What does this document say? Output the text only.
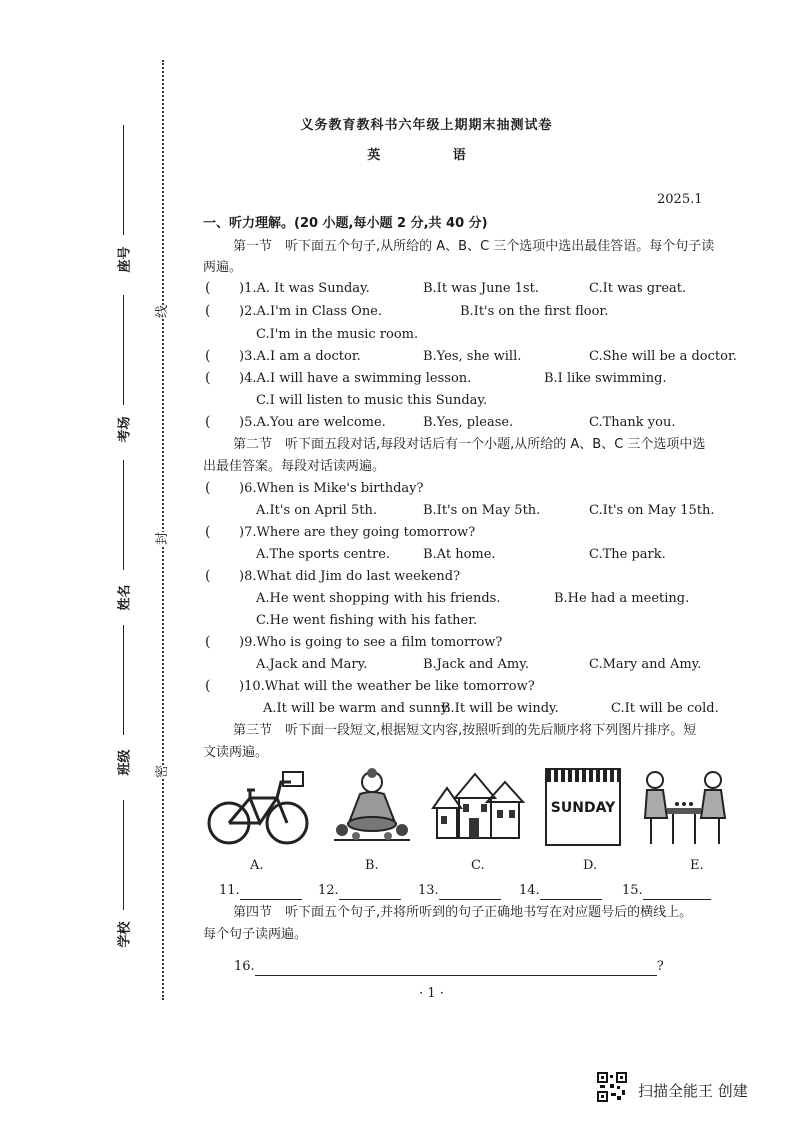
座号
考场
姓名
班级
学校
线
封
密
义务教育教科书六年级上期期末抽测试卷
英 语
2025.1
一、听力理解。(20 小题,每小题 2 分,共 40 分)
第一节　听下面五个句子,从所给的 A、B、C 三个选项中选出最佳答语。每个句子读
两遍。
( )1.A. It was Sunday.	B.It was June 1st.	C.It was great.
( )2.A.I'm in Class One.	B.It's on the first floor.
C.I'm in the music room.
( )3.A.I am a doctor.	B.Yes, she will.	C.She will be a doctor.
( )4.A.I will have a swimming lesson.	B.I like swimming.
C.I will listen to music this Sunday.
( )5.A.You are welcome.	B.Yes, please.	C.Thank you.
第二节　听下面五段对话,每段对话后有一个小题,从所给的 A、B、C 三个选项中选
出最佳答案。每段对话读两遍。
( )6.When is Mike's birthday?
A.It's on April 5th.	B.It's on May 5th.	C.It's on May 15th.
( )7.Where are they going tomorrow?
A.The sports centre.	B.At home.	C.The park.
( )8.What did Jim do last weekend?
A.He went shopping with his friends.	B.He had a meeting.
C.He went fishing with his father.
( )9.Who is going to see a film tomorrow?
A.Jack and Mary.	B.Jack and Amy.	C.Mary and Amy.
( )10.What will the weather be like tomorrow?
A.It will be warm and sunny.
B.It will be windy.	C.It will be cold.
第三节　听下面一段短文,根据短文内容,按照听到的先后顺序将下列图片排序。短
文读两遍。
SUNDAY
A.	B.	C.	D.	E.
11.	12.	13.	14.	15.
第四节　听下面五个句子,并将所听到的句子正确地书写在对应题号后的横线上。
每个句子读两遍。
16.	?
· 1 ·
扫描全能王 创建
